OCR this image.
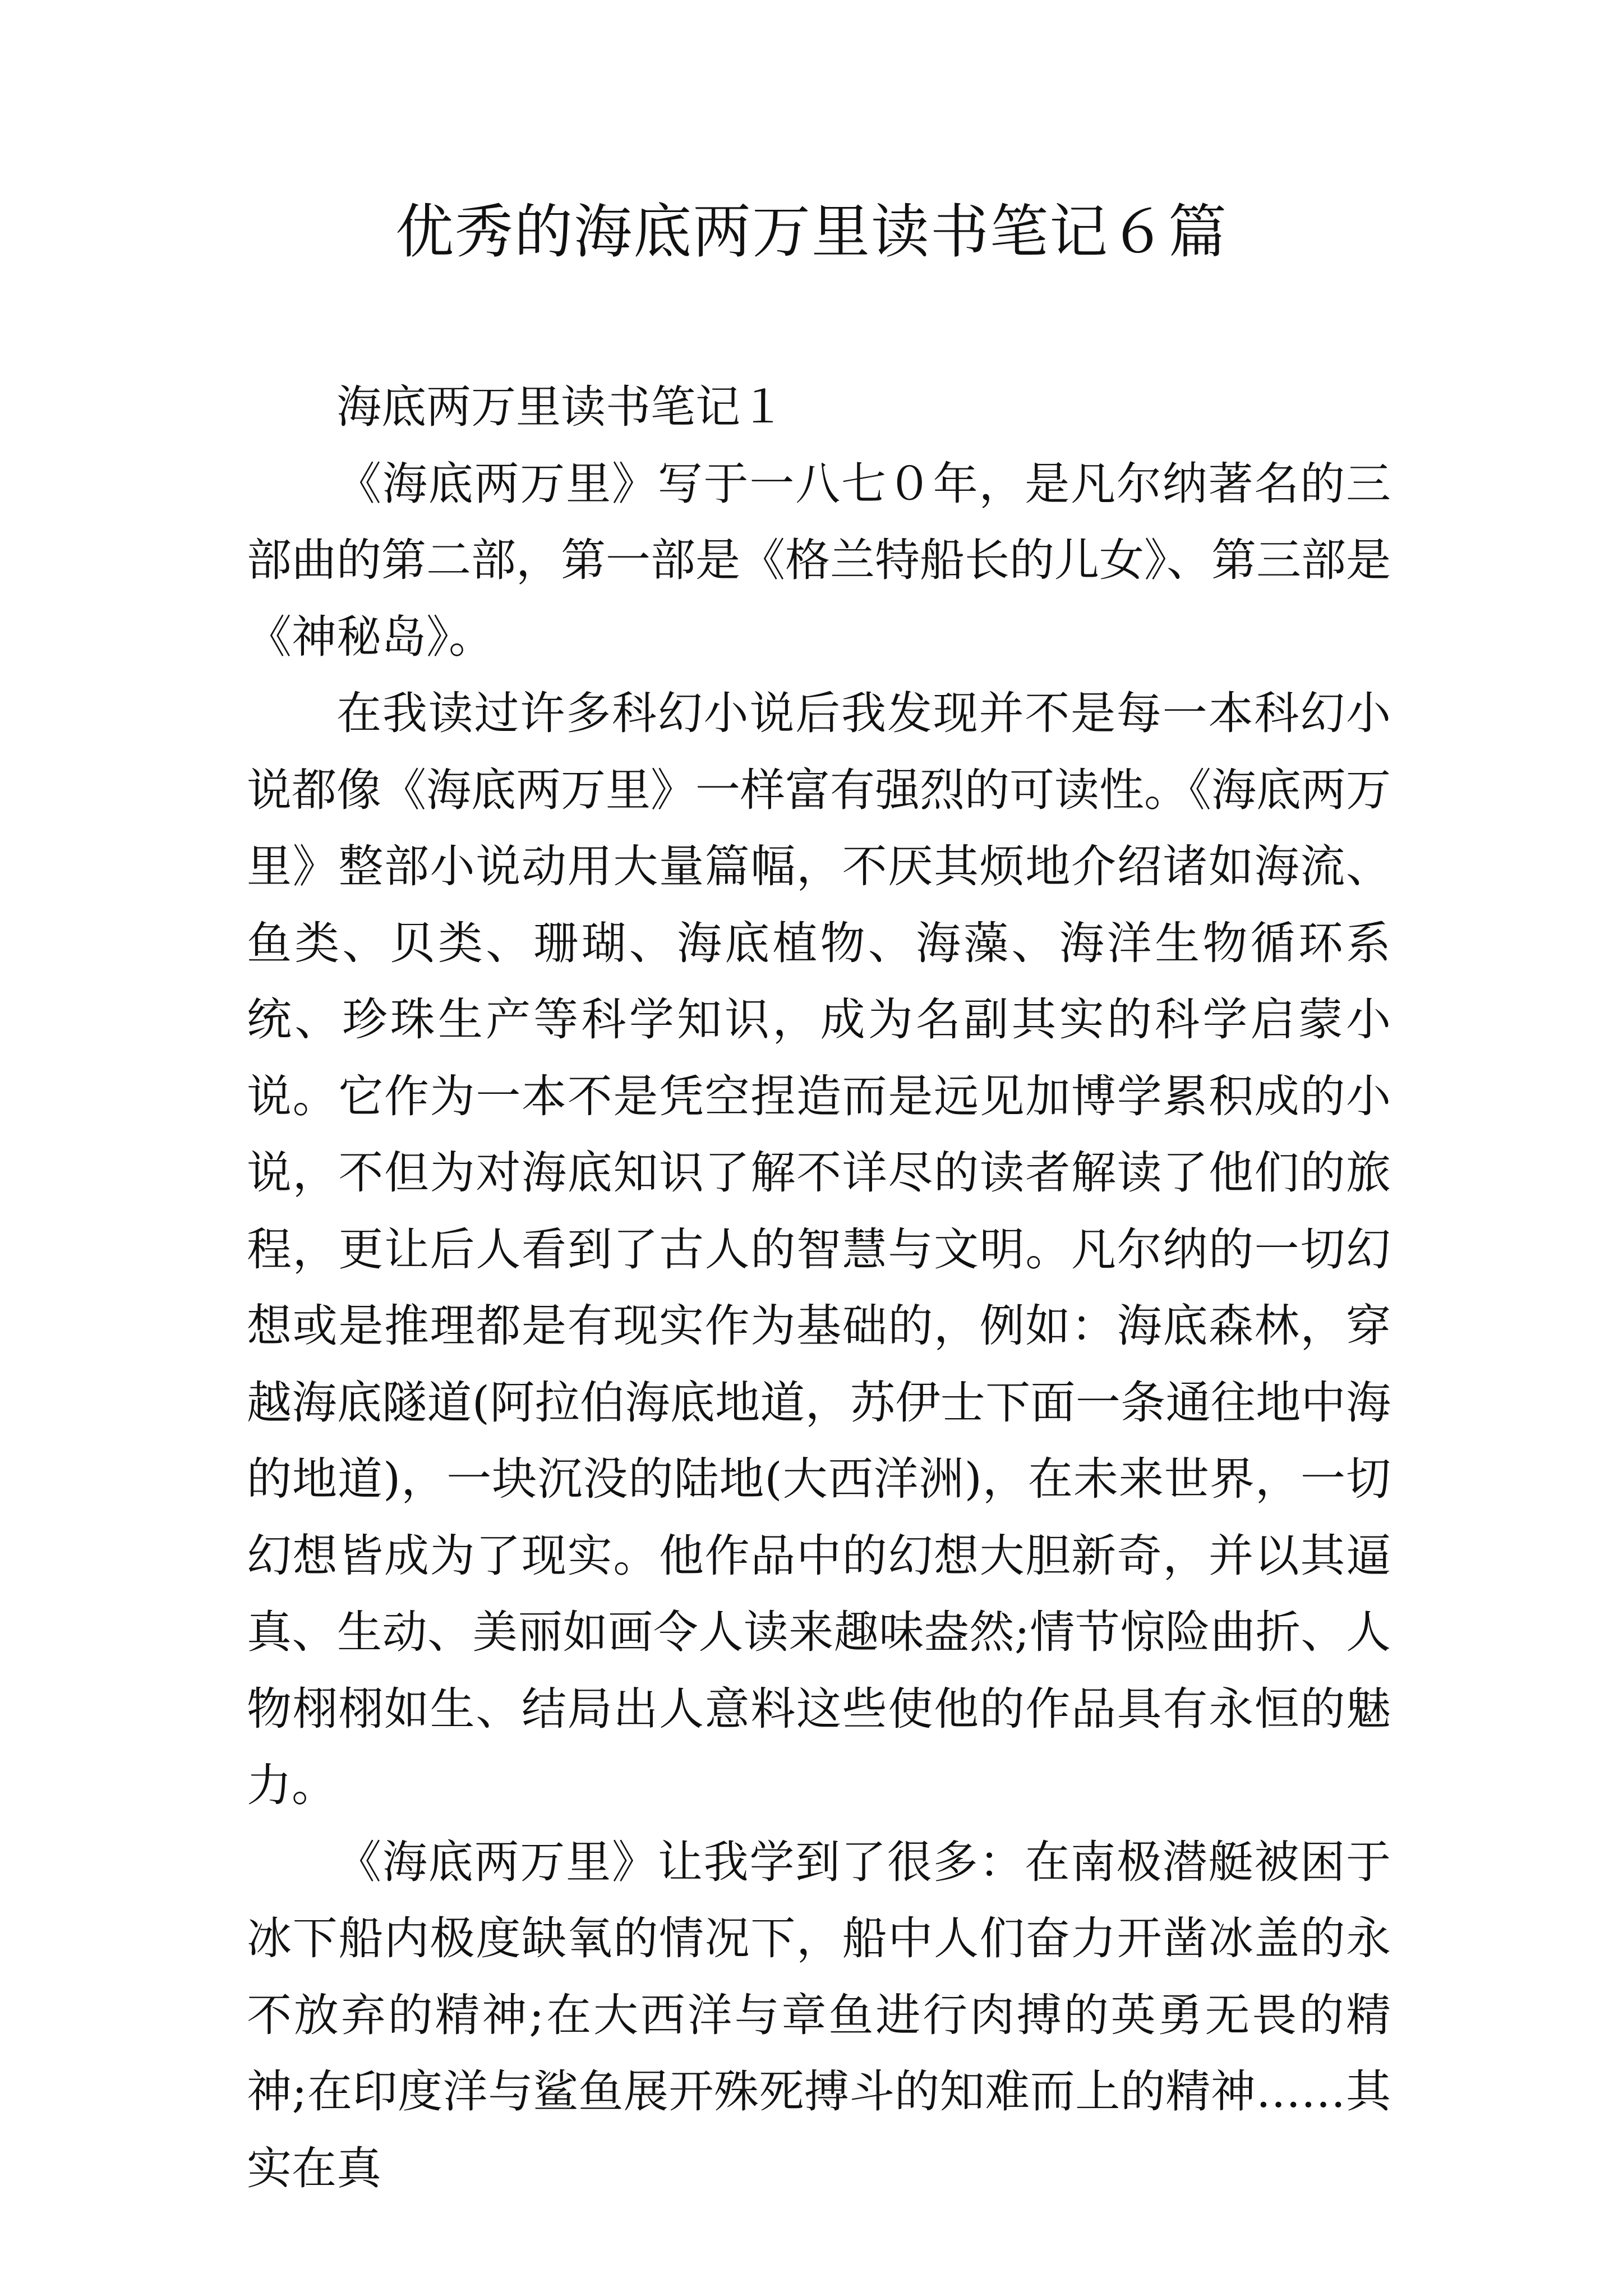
优秀的海底两万里读书笔记６篇

海底两万里读书笔记１

《海底两万里》写于一八七０年，是凡尔纳著名的三部曲的第二部，第一部是《格兰特船长的儿女》、第三部是《神秘岛》。

在我读过许多科幻小说后我发现并不是每一本科幻小说都像《海底两万里》一样富有强烈的可读性。《海底两万里》整部小说动用大量篇幅，不厌其烦地介绍诸如海流、鱼类、贝类、珊瑚、海底植物、海藻、海洋生物循环系统、珍珠生产等科学知识，成为名副其实的科学启蒙小说。它作为一本不是凭空捏造而是远见加博学累积成的小说，不但为对海底知识了解不详尽的读者解读了他们的旅程，更让后人看到了古人的智慧与文明。凡尔纳的一切幻想或是推理都是有现实作为基础的，例如：海底森林，穿越海底隧道(阿拉伯海底地道，苏伊士下面一条通往地中海的地道)，一块沉没的陆地(大西洋洲)，在未来世界，一切幻想皆成为了现实。他作品中的幻想大胆新奇，并以其逼真、生动、美丽如画令人读来趣味盎然;情节惊险曲折、人物栩栩如生、结局出人意料这些使他的作品具有永恒的魅力。

《海底两万里》让我学到了很多：在南极潜艇被困于冰下船内极度缺氧的情况下，船中人们奋力开凿冰盖的永不放弃的精神;在大西洋与章鱼进行肉搏的英勇无畏的精神;在印度洋与鲨鱼展开殊死搏斗的知难而上的精神……其实在真
